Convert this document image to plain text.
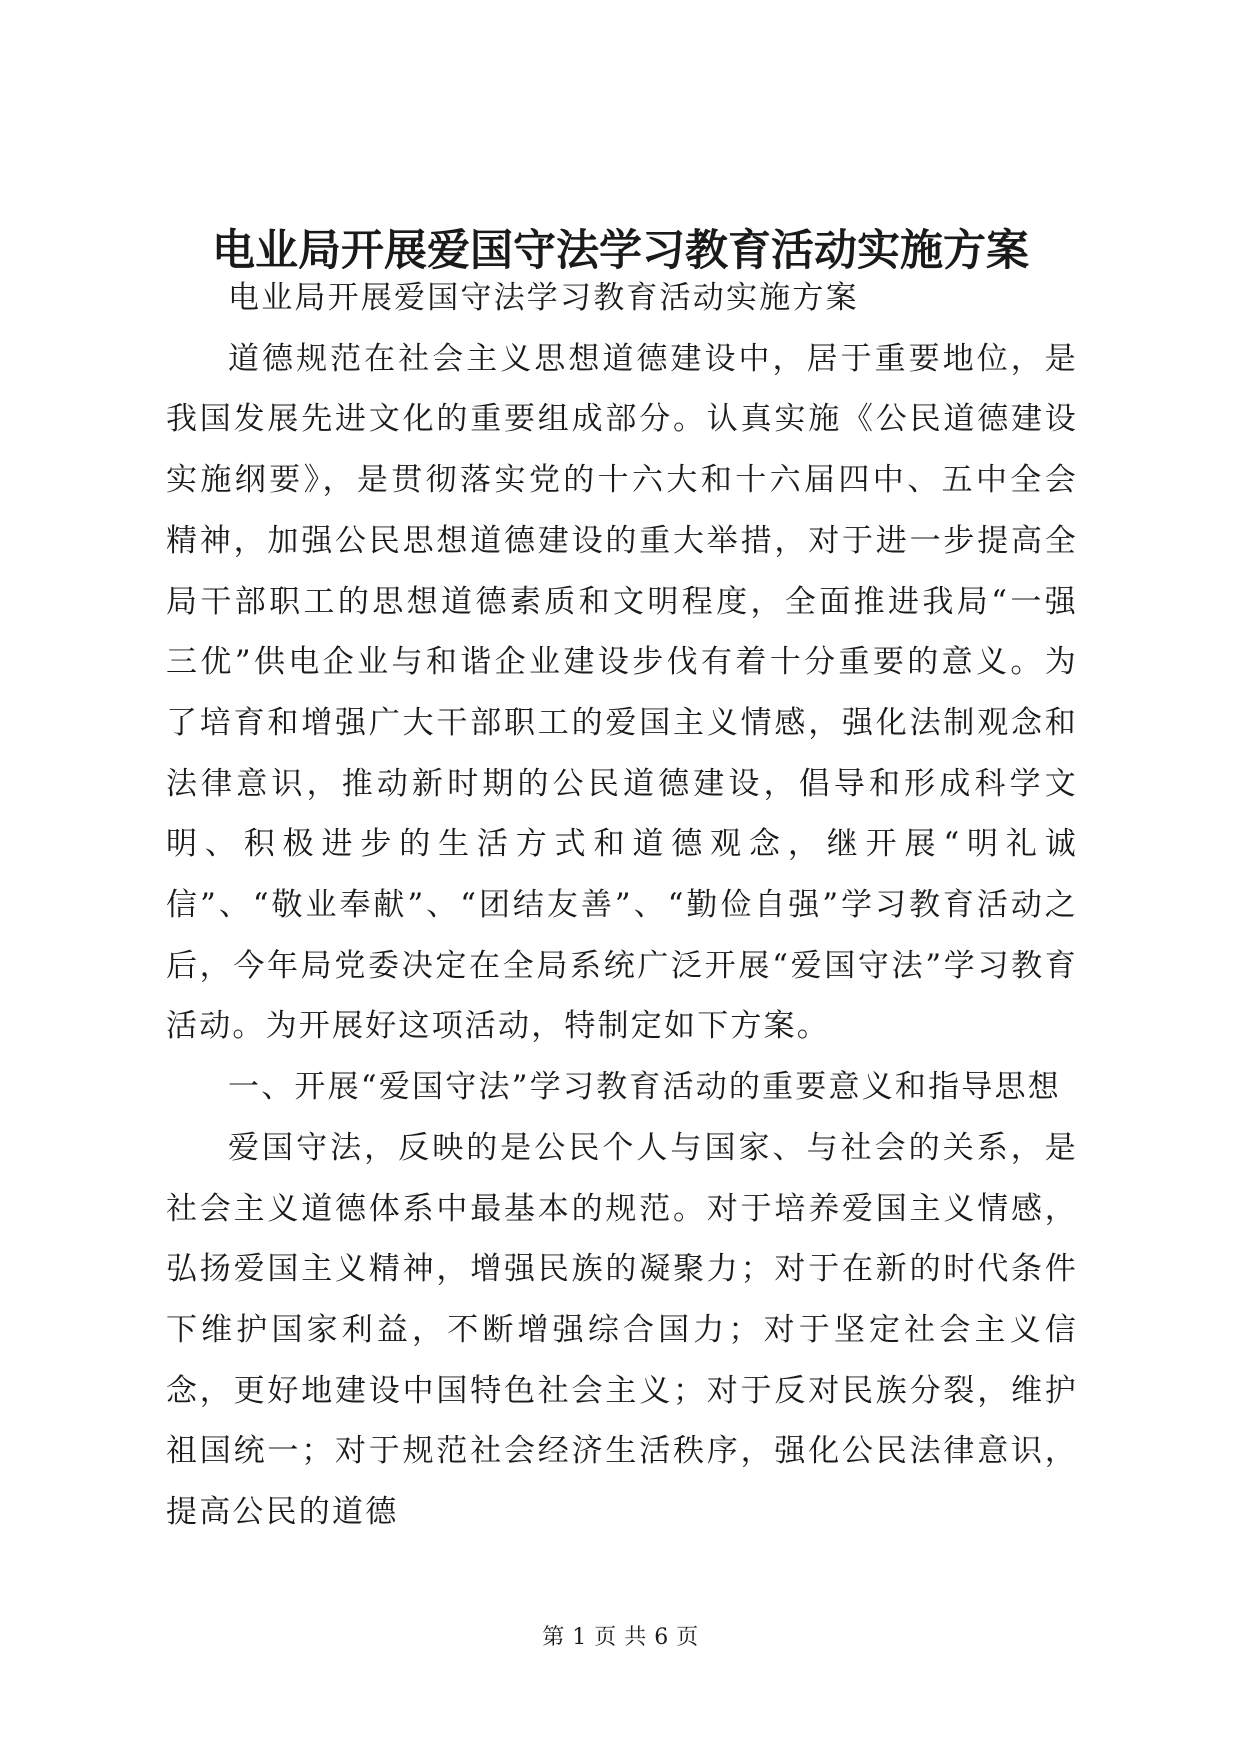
电业局开展爱国守法学习教育活动实施方案

电业局开展爱国守法学习教育活动实施方案

道德规范在社会主义思想道德建设中，居于重要地位，是我国发展先进文化的重要组成部分。认真实施《公民道德建设实施纲要》，是贯彻落实党的十六大和十六届四中、五中全会精神，加强公民思想道德建设的重大举措，对于进一步提高全局干部职工的思想道德素质和文明程度，全面推进我局“一强三优”供电企业与和谐企业建设步伐有着十分重要的意义。为了培育和增强广大干部职工的爱国主义情感，强化法制观念和法律意识，推动新时期的公民道德建设，倡导和形成科学文明、积极进步的生活方式和道德观念，继开展“明礼诚信”、“敬业奉献”、“团结友善”、“勤俭自强”学习教育活动之后，今年局党委决定在全局系统广泛开展“爱国守法”学习教育活动。为开展好这项活动，特制定如下方案。

一、开展“爱国守法”学习教育活动的重要意义和指导思想

爱国守法，反映的是公民个人与国家、与社会的关系，是社会主义道德体系中最基本的规范。对于培养爱国主义情感，弘扬爱国主义精神，增强民族的凝聚力；对于在新的时代条件下维护国家利益，不断增强综合国力；对于坚定社会主义信念，更好地建设中国特色社会主义；对于反对民族分裂，维护祖国统一；对于规范社会经济生活秩序，强化公民法律意识，提高公民的道德

第 1 页 共 6 页
